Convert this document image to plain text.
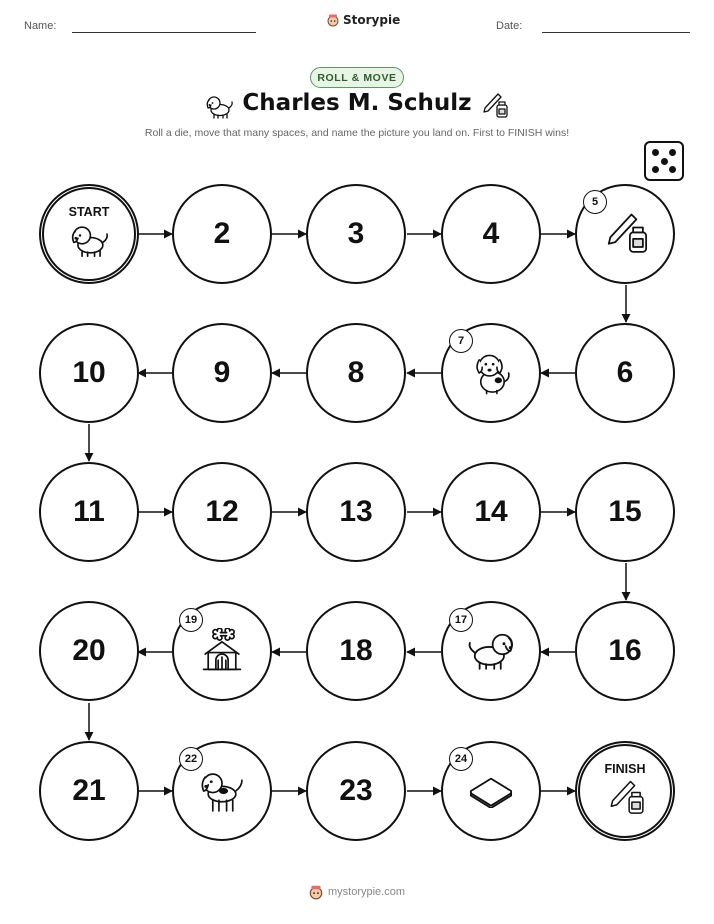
Name:	Storypie	Date:
ROLL & MOVE
Charles M. Schulz
Roll a die, move that many spaces, and name the picture you land on. First to FINISH wins!
START
2	3	4
5
10	9	8
7
6
11	12	13	14	15
20
19
18
17
16
21
22
23
24
FINISH
mystorypie.com
